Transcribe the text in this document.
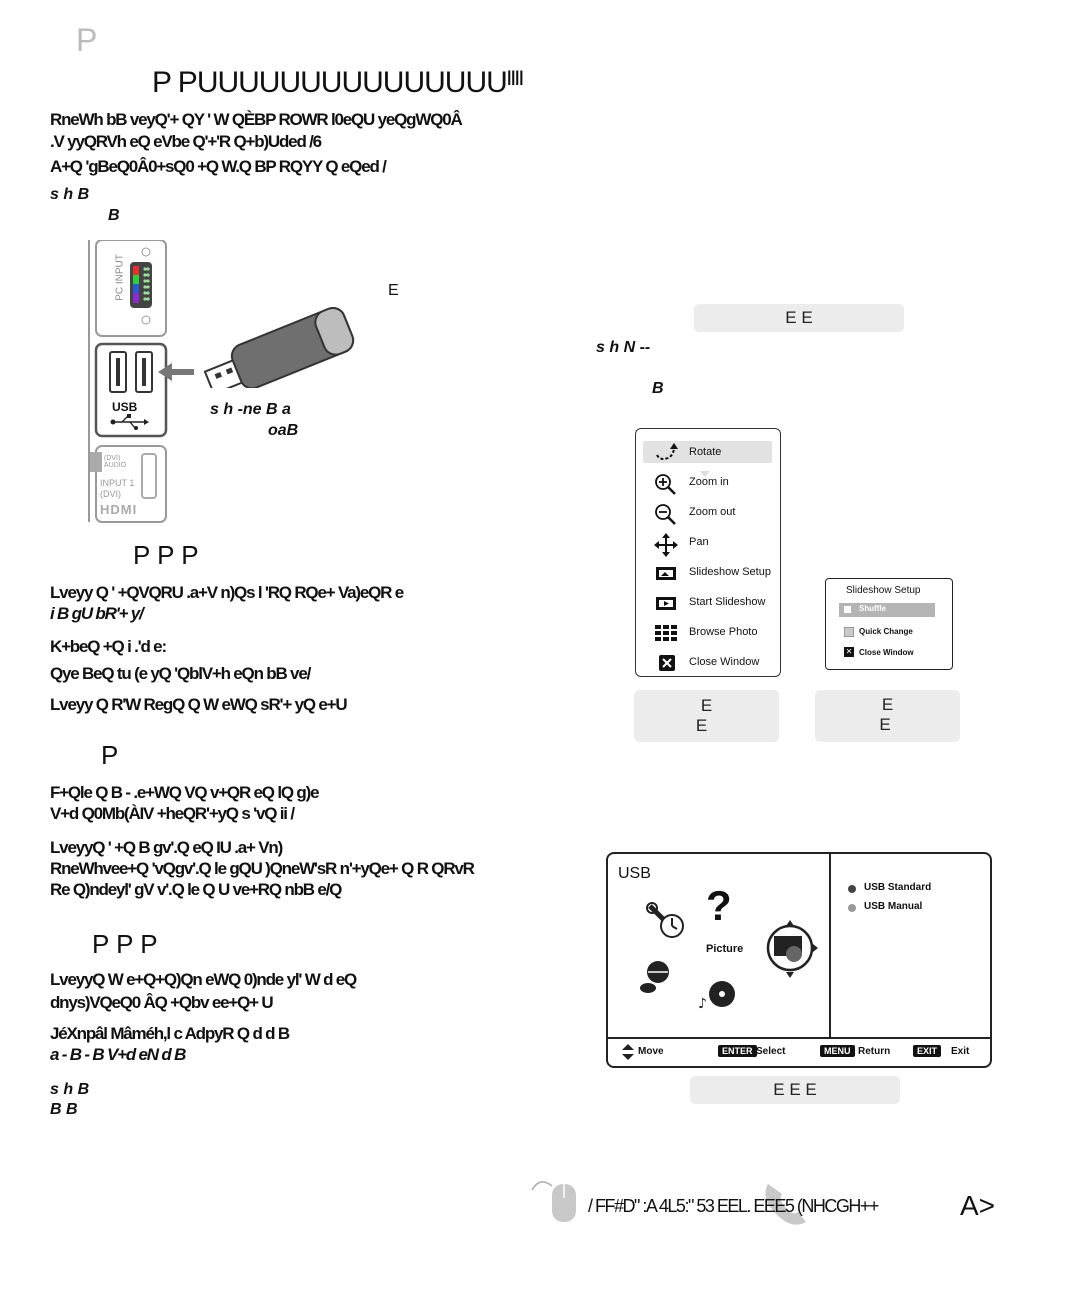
P
P PUUUUUUUUUUUUUUUᴵᴵᴵᴵ
RneWh bB veyQ'+ QY ' W QÈBP ROWR l0eQU yeQgWQ0Â
.V yyQRVh eQ eVbe Q'+'R Q+b)Uded /6
A+Q 'gBeQ0Â0+sQ0 +Q W.Q BP RQYY Q eQed /
s h B
B
PC INPUT
USB
(DVI) AUDIO
INPUT 1
(DVI)
HDMI
E
s h -ne B a
oaB
P P P
Lveyy Q ' +QVQRU .a+V n)Qs l 'RQ RQe+ Va)eQR e
i B gU bR'+ y/
K+beQ +Q i .'d e:
Qye BeQ tu (e yQ 'QblV+h eQn bB ve/
Lveyy Q R'W RegQ Q W eWQ sR'+ yQ e+U
P
F+Qle Q B - .e+WQ VQ v+QR eQ lQ g)e
V+d Q0Mb(ÀIV +heQR'+yQ s 'vQ ii /
LveyyQ ' +Q B gv'.Q eQ IU .a+ Vn)
RneWhvee+Q 'vQgv'.Q le gQU )QneW'sR n'+yQe+ Q R QRvR
Re Q)ndeyl' gV v'.Q le Q U ve+RQ nbB e/Q
P P P
LveyyQ W e+Q+Q)Qn eWQ 0)nde yl' W d eQ
dnys)VQeQ0 ÂQ +Qbv ee+Q+ U
JéXnpâl Mâméh,l c AdpyR Q d d B
a - B - B V+d eN d B
s h B
B B
E E
s h N --
B
Rotate
Zoom in
Zoom out
Pan
Slideshow Setup
Start Slideshow
Browse Photo
Close Window
Slideshow Setup
Shuffle
Quick Change
✕ Close Window
E
E
E
E
USB
?
Picture
♪
USB Standard
USB Manual
Move	ENTER Select	MENU Return	EXIT	Exit
E E E
/ FF#D" :A 4L5:" 53 EEL. EEE5 (NHCGH++	A>
